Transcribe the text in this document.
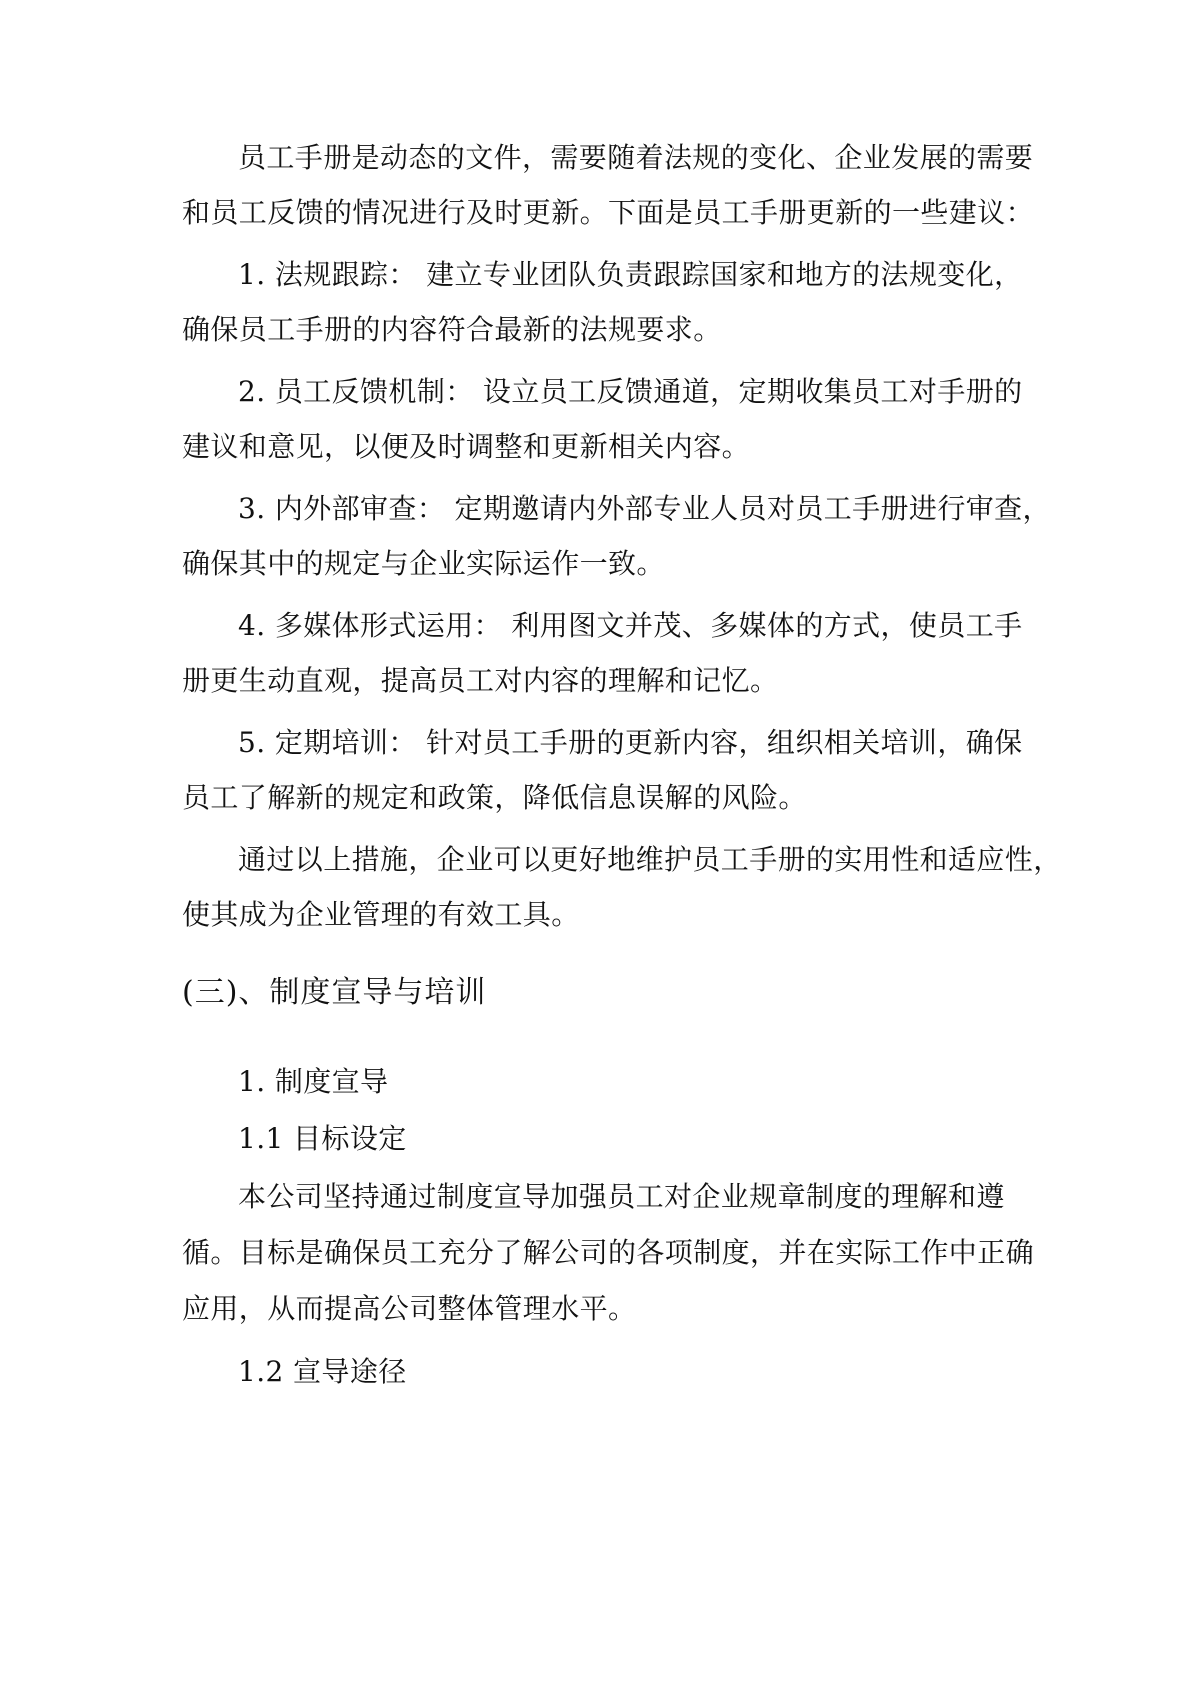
员工手册是动态的文件，需要随着法规的变化、企业发展的需要
和员工反馈的情况进行及时更新。下面是员工手册更新的一些建议：
1. 法规跟踪： 建立专业团队负责跟踪国家和地方的法规变化，
确保员工手册的内容符合最新的法规要求。
2. 员工反馈机制： 设立员工反馈通道，定期收集员工对手册的
建议和意见，以便及时调整和更新相关内容。
3. 内外部审查： 定期邀请内外部专业人员对员工手册进行审查，
确保其中的规定与企业实际运作一致。
4. 多媒体形式运用： 利用图文并茂、多媒体的方式，使员工手
册更生动直观，提高员工对内容的理解和记忆。
5. 定期培训： 针对员工手册的更新内容，组织相关培训，确保
员工了解新的规定和政策，降低信息误解的风险。
通过以上措施，企业可以更好地维护员工手册的实用性和适应性，
使其成为企业管理的有效工具。
(三)、制度宣导与培训
1. 制度宣导
1.1 目标设定
本公司坚持通过制度宣导加强员工对企业规章制度的理解和遵
循。目标是确保员工充分了解公司的各项制度，并在实际工作中正确
应用，从而提高公司整体管理水平。
1.2 宣导途径
